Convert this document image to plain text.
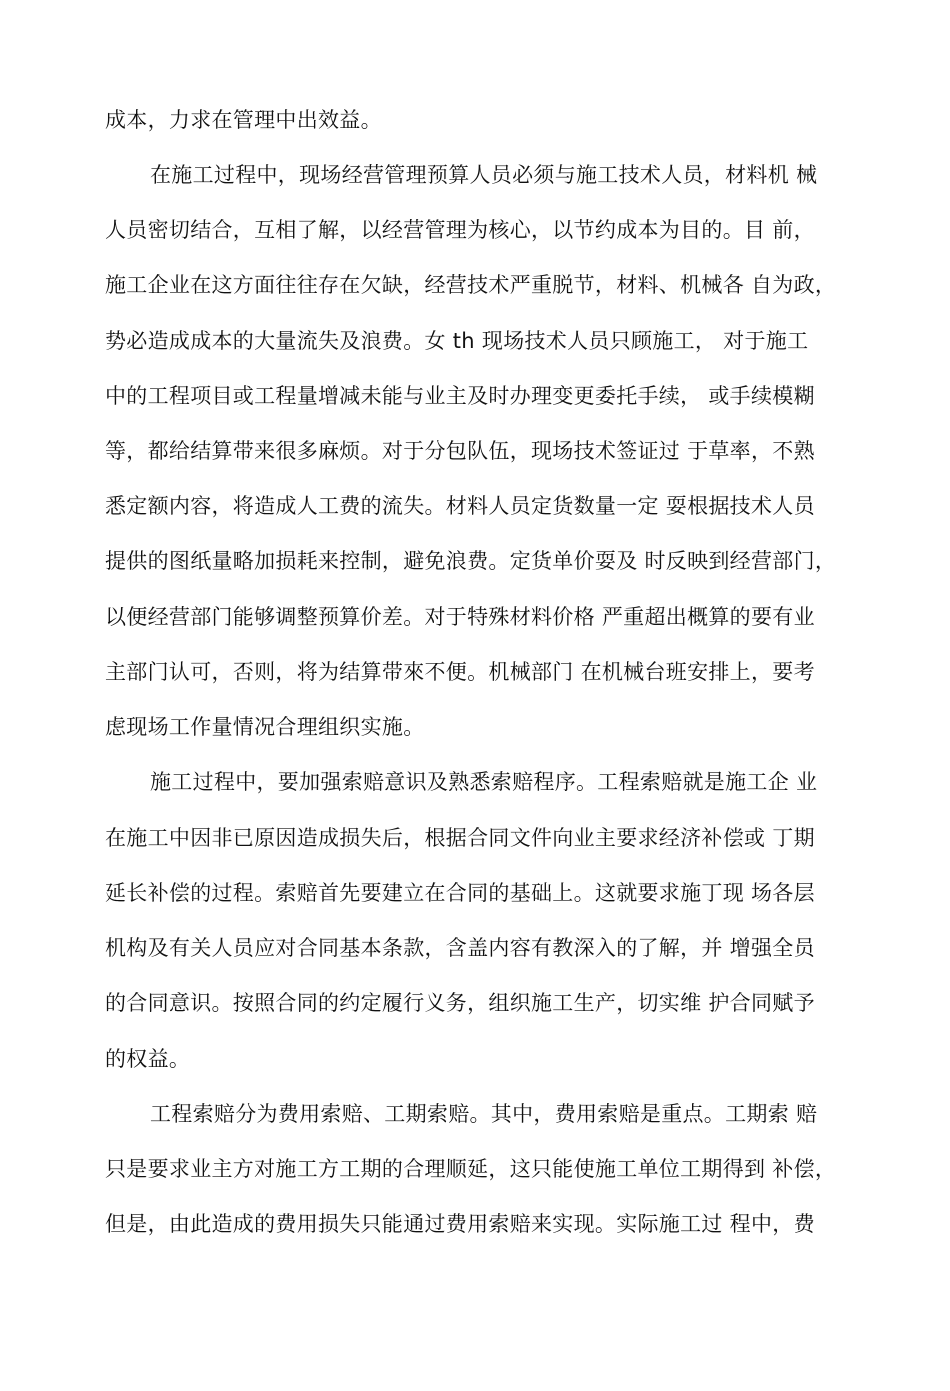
成本，力求在管理中出效益。
在施工过程中，现场经营管理预算人员必须与施工技术人员，材料机 械
人员密切结合，互相了解，以经营管理为核心，以节约成本为目的。目 前，
施工企业在这方面往往存在欠缺，经营技术严重脱节，材料、机械各 自为政，
势必造成成本的大量流失及浪费。女 th 现场技术人员只顾施工， 对于施工
中的工程项目或工程量增减未能与业主及时办理变更委托手续， 或手续模糊
等，都给结算带来很多麻烦。对于分包队伍，现场技术签证过 于草率，不熟
悉定额内容，将造成人工费的流失。材料人员定货数量一定 耍根据技术人员
提供的图纸量略加损耗来控制，避免浪费。定货单价耍及 时反映到经营部门，
以便经营部门能够调整预算价差。对于特殊材料价格 严重超出概算的要有业
主部门认可，否则，将为结算带來不便。机械部门 在机械台班安排上，要考
虑现场工作量情况合理组织实施。
施工过程中，要加强索赔意识及熟悉索赔程序。工程索赔就是施工企 业
在施工中因非已原因造成损失后，根据合同文件向业主要求经济补偿或 丁期
延长补偿的过程。索赔首先要建立在合同的基础上。这就要求施丁现 场各层
机构及有关人员应对合同基本条款，含盖内容有教深入的了解，并 增强全员
的合同意识。按照合同的约定履行义务，组织施工生产，切实维 护合同赋予
的权益。
工程索赔分为费用索赔、工期索赔。其中，费用索赔是重点。工期索 赔
只是要求业主方对施工方工期的合理顺延，这只能使施工单位工期得到 补偿，
但是，由此造成的费用损失只能通过费用索赔来实现。实际施工过 程中，费
